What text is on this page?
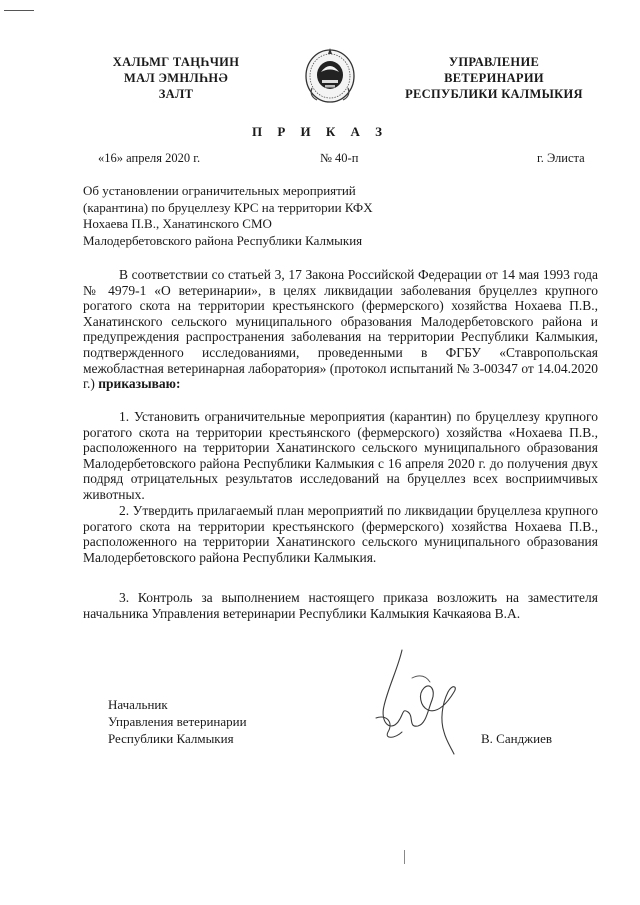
ХАЛЬМГ ТАҢҺЧИН
МАЛ ЭМНЛҺНӘ
ЗАЛТ
УПРАВЛЕНИЕ
ВЕТЕРИНАРИИ
РЕСПУБЛИКИ КАЛМЫКИЯ
П Р И К А З
«16» апреля 2020 г.	№ 40-п	г. Элиста
Об установлении ограничительных мероприятий
(карантина) по бруцеллезу КРС на территории КФХ
Нохаева П.В., Ханатинского СМО
Малодербетовского района Республики Калмыкия

В соответствии со статьей 3, 17 Закона Российской Федерации от 14 мая 1993 года № 4979-1 «О ветеринарии», в целях ликвидации заболевания бруцеллез крупного рогатого скота на территории крестьянского (фермерского) хозяйства Нохаева П.В., Ханатинского сельского муниципального образования Малодербетовского района и предупреждения распространения заболевания на территории Республики Калмыкия, подтвержденного исследованиями, проведенными в ФГБУ «Ставропольская межобластная ветеринарная лаборатория» (протокол испытаний № 3-00347 от 14.04.2020 г.) приказываю:

1. Установить ограничительные мероприятия (карантин) по бруцеллезу крупного рогатого скота на территории крестьянского (фермерского) хозяйства «Нохаева П.В., расположенного на территории Ханатинского сельского муниципального образования Малодербетовского района Республики Калмыкия с 16 апреля 2020 г. до получения двух подряд отрицательных результатов исследований на бруцеллез всех восприимчивых животных.

2. Утвердить прилагаемый план мероприятий по ликвидации бруцеллеза крупного рогатого скота на территории крестьянского (фермерского) хозяйства Нохаева П.В., расположенного на территории Ханатинского сельского муниципального образования Малодербетовского района Республики Калмыкия.

3. Контроль за выполнением настоящего приказа возложить на заместителя начальника Управления ветеринарии Республики Калмыкия Качкаяова В.А.

Начальник
Управления ветеринарии
Республики Калмыкия	В. Санджиев
